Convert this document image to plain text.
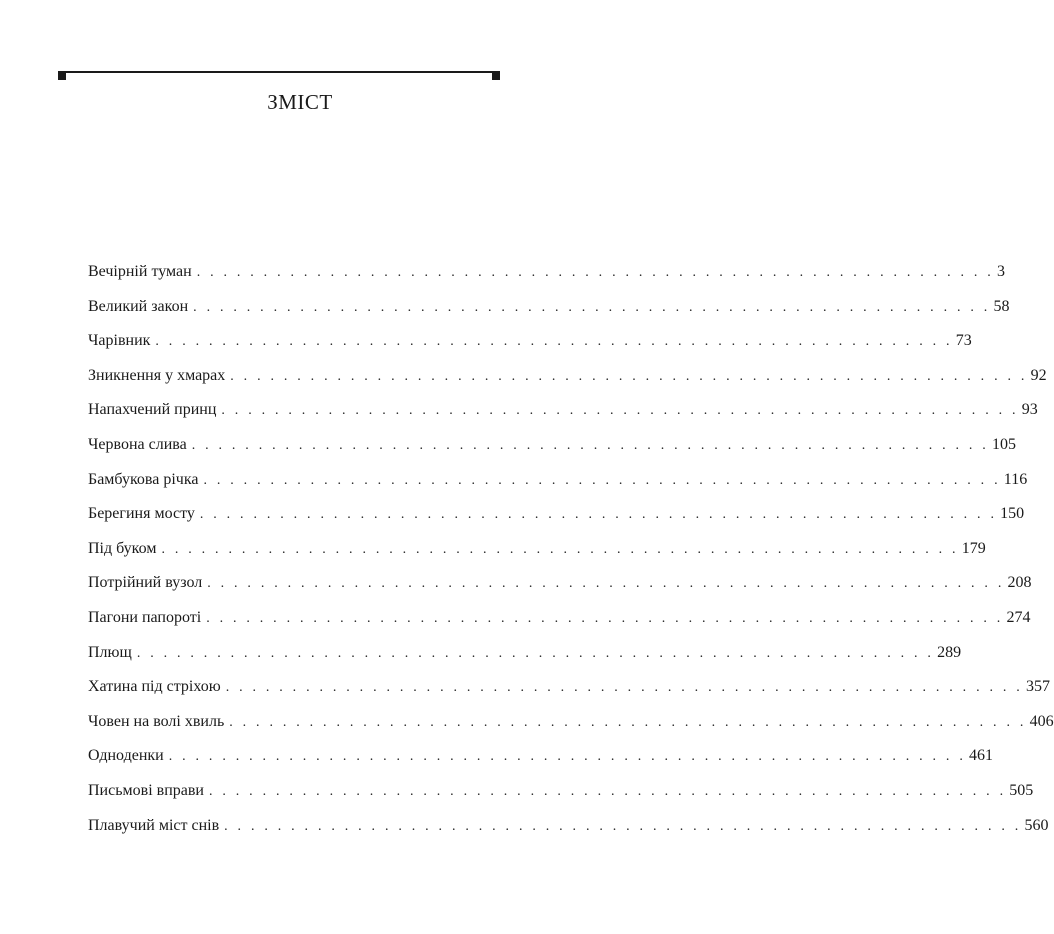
ЗМІСТ
Вечірній туман . . . . . . . . . . . . . . . . . . . . . . . . . . . . . . . . . . . . . . . . . . . . . . . . . . . . . . . . . . . . 3
Великий закон . . . . . . . . . . . . . . . . . . . . . . . . . . . . . . . . . . . . . . . . . . . . . . . . . . . . . . . . . . . . 58
Чарівник . . . . . . . . . . . . . . . . . . . . . . . . . . . . . . . . . . . . . . . . . . . . . . . . . . . . . . . . . . . . 73
Зникнення у хмарах . . . . . . . . . . . . . . . . . . . . . . . . . . . . . . . . . . . . . . . . . . . . . . . . . . . . . . . . . . . . 92
Напахчений принц . . . . . . . . . . . . . . . . . . . . . . . . . . . . . . . . . . . . . . . . . . . . . . . . . . . . . . . . . . . . 93
Червона слива . . . . . . . . . . . . . . . . . . . . . . . . . . . . . . . . . . . . . . . . . . . . . . . . . . . . . . . . . . . . 105
Бамбукова річка . . . . . . . . . . . . . . . . . . . . . . . . . . . . . . . . . . . . . . . . . . . . . . . . . . . . . . . . . . . . 116
Берегиня мосту . . . . . . . . . . . . . . . . . . . . . . . . . . . . . . . . . . . . . . . . . . . . . . . . . . . . . . . . . . . . 150
Під буком . . . . . . . . . . . . . . . . . . . . . . . . . . . . . . . . . . . . . . . . . . . . . . . . . . . . . . . . . . . . 179
Потрійний вузол . . . . . . . . . . . . . . . . . . . . . . . . . . . . . . . . . . . . . . . . . . . . . . . . . . . . . . . . . . . . 208
Пагони папороті . . . . . . . . . . . . . . . . . . . . . . . . . . . . . . . . . . . . . . . . . . . . . . . . . . . . . . . . . . . . 274
Плющ . . . . . . . . . . . . . . . . . . . . . . . . . . . . . . . . . . . . . . . . . . . . . . . . . . . . . . . . . . . . 289
Хатина під стріхою . . . . . . . . . . . . . . . . . . . . . . . . . . . . . . . . . . . . . . . . . . . . . . . . . . . . . . . . . . . . 357
Човен на волі хвиль . . . . . . . . . . . . . . . . . . . . . . . . . . . . . . . . . . . . . . . . . . . . . . . . . . . . . . . . . . . . 406
Одноденки . . . . . . . . . . . . . . . . . . . . . . . . . . . . . . . . . . . . . . . . . . . . . . . . . . . . . . . . . . . . 461
Письмові вправи . . . . . . . . . . . . . . . . . . . . . . . . . . . . . . . . . . . . . . . . . . . . . . . . . . . . . . . . . . . . 505
Плавучий міст снів . . . . . . . . . . . . . . . . . . . . . . . . . . . . . . . . . . . . . . . . . . . . . . . . . . . . . . . . . . . . 560
